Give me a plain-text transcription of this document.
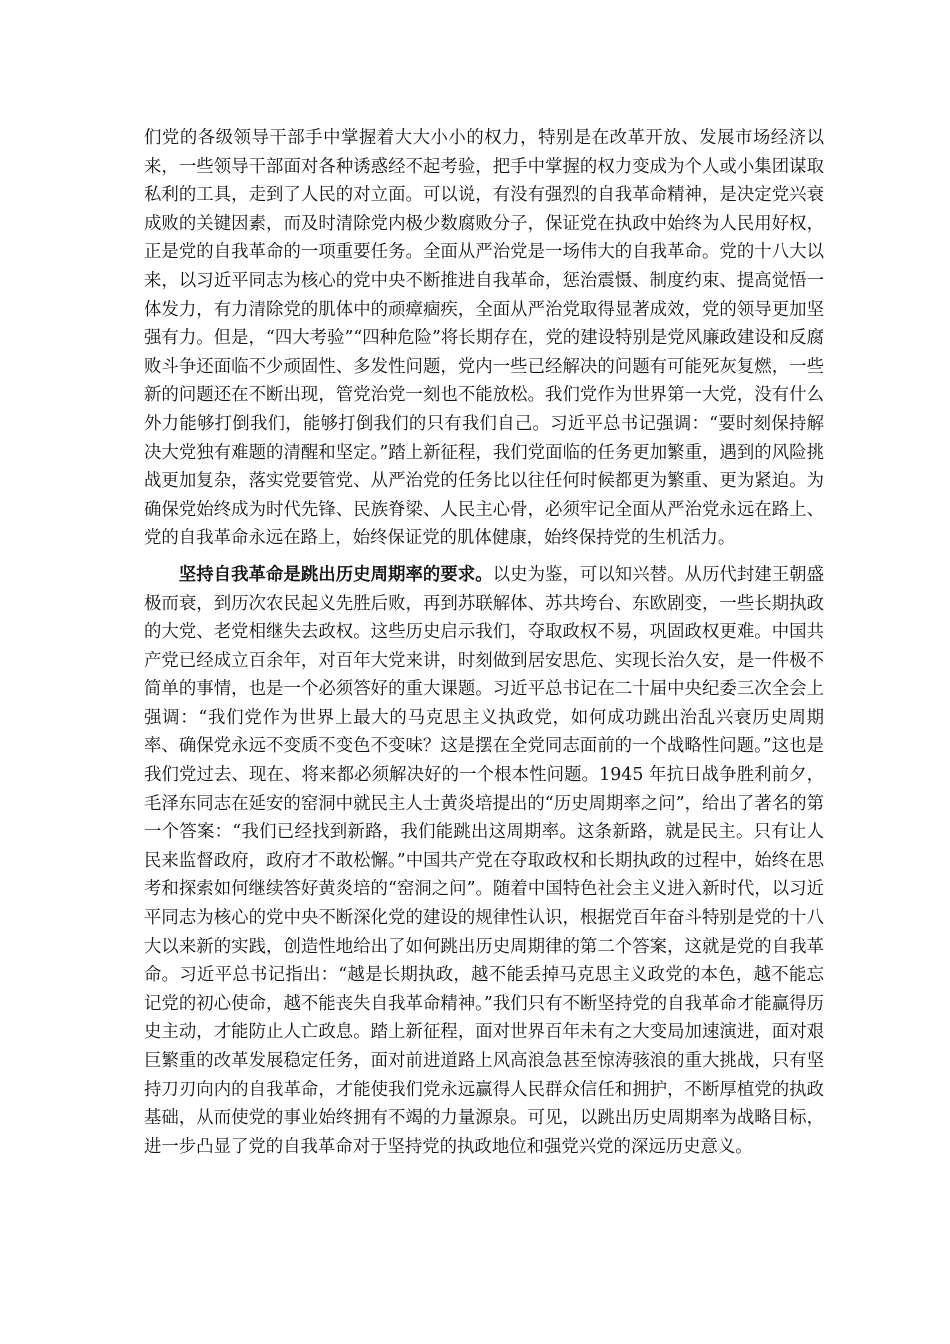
们党的各级领导干部手中掌握着大大小小的权力，特别是在改革开放、发展市场经济以来，一些领导干部面对各种诱惑经不起考验，把手中掌握的权力变成为个人或小集团谋取私利的工具，走到了人民的对立面。可以说，有没有强烈的自我革命精神，是决定党兴衰成败的关键因素，而及时清除党内极少数腐败分子，保证党在执政中始终为人民用好权，正是党的自我革命的一项重要任务。全面从严治党是一场伟大的自我革命。党的十八大以来，以习近平同志为核心的党中央不断推进自我革命，惩治震慑、制度约束、提高觉悟一体发力，有力清除党的肌体中的顽瘴痼疾，全面从严治党取得显著成效，党的领导更加坚强有力。但是，“四大考验”“四种危险”将长期存在，党的建设特别是党风廉政建设和反腐败斗争还面临不少顽固性、多发性问题，党内一些已经解决的问题有可能死灰复燃，一些新的问题还在不断出现，管党治党一刻也不能放松。我们党作为世界第一大党，没有什么外力能够打倒我们，能够打倒我们的只有我们自己。习近平总书记强调：“要时刻保持解决大党独有难题的清醒和坚定。”踏上新征程，我们党面临的任务更加繁重，遇到的风险挑战更加复杂，落实党要管党、从严治党的任务比以往任何时候都更为繁重、更为紧迫。为确保党始终成为时代先锋、民族脊梁、人民主心骨，必须牢记全面从严治党永远在路上、党的自我革命永远在路上，始终保证党的肌体健康，始终保持党的生机活力。

坚持自我革命是跳出历史周期率的要求。以史为鉴，可以知兴替。从历代封建王朝盛极而衰，到历次农民起义先胜后败，再到苏联解体、苏共垮台、东欧剧变，一些长期执政的大党、老党相继失去政权。这些历史启示我们，夺取政权不易，巩固政权更难。中国共产党已经成立百余年，对百年大党来讲，时刻做到居安思危、实现长治久安，是一件极不简单的事情，也是一个必须答好的重大课题。习近平总书记在二十届中央纪委三次全会上强调：“我们党作为世界上最大的马克思主义执政党，如何成功跳出治乱兴衰历史周期率、确保党永远不变质不变色不变味？这是摆在全党同志面前的一个战略性问题。”这也是我们党过去、现在、将来都必须解决好的一个根本性问题。1945 年抗日战争胜利前夕，毛泽东同志在延安的窑洞中就民主人士黄炎培提出的“历史周期率之问”，给出了著名的第一个答案：“我们已经找到新路，我们能跳出这周期率。这条新路，就是民主。只有让人民来监督政府，政府才不敢松懈。”中国共产党在夺取政权和长期执政的过程中，始终在思考和探索如何继续答好黄炎培的“窑洞之问”。随着中国特色社会主义进入新时代，以习近平同志为核心的党中央不断深化党的建设的规律性认识，根据党百年奋斗特别是党的十八大以来新的实践，创造性地给出了如何跳出历史周期律的第二个答案，这就是党的自我革命。习近平总书记指出：“越是长期执政，越不能丢掉马克思主义政党的本色，越不能忘记党的初心使命，越不能丧失自我革命精神。”我们只有不断坚持党的自我革命才能赢得历史主动，才能防止人亡政息。踏上新征程，面对世界百年未有之大变局加速演进，面对艰巨繁重的改革发展稳定任务，面对前进道路上风高浪急甚至惊涛骇浪的重大挑战，只有坚持刀刃向内的自我革命，才能使我们党永远赢得人民群众信任和拥护，不断厚植党的执政基础，从而使党的事业始终拥有不竭的力量源泉。可见，以跳出历史周期率为战略目标，进一步凸显了党的自我革命对于坚持党的执政地位和强党兴党的深远历史意义。
